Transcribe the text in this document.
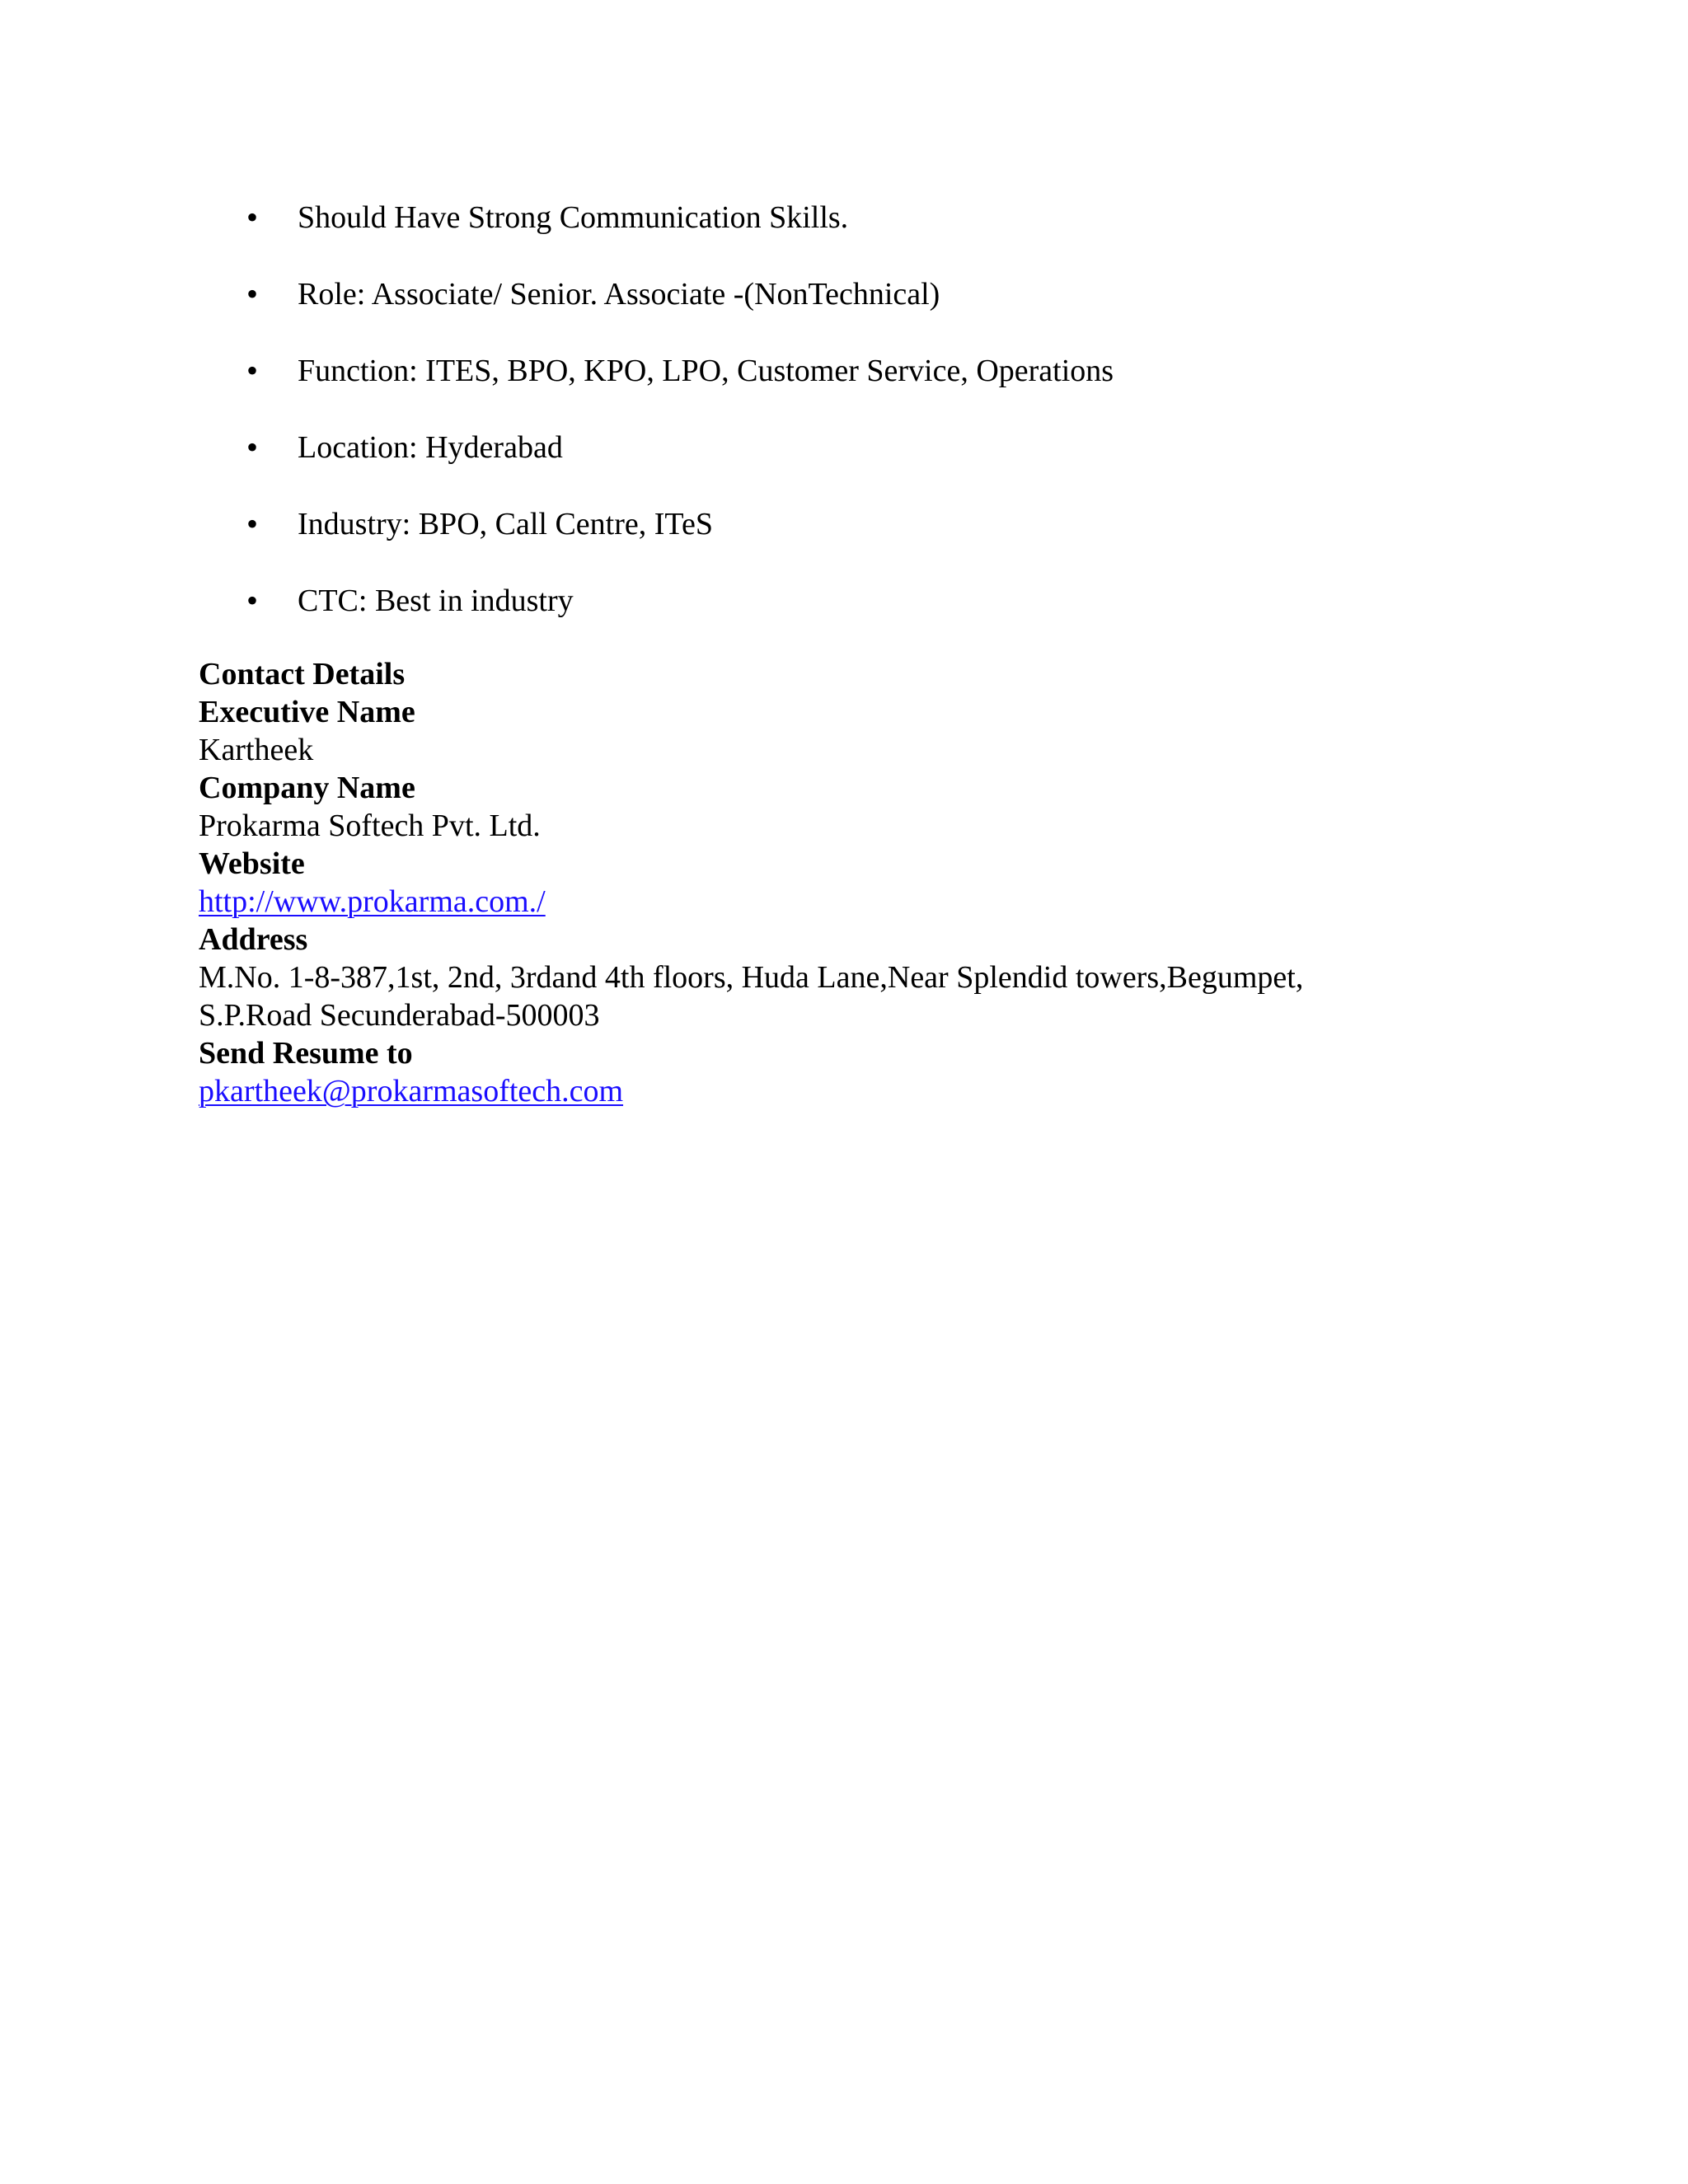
• Should Have Strong Communication Skills.
• Role: Associate/ Senior. Associate -(NonTechnical)
• Function: ITES, BPO, KPO, LPO, Customer Service, Operations
• Location: Hyderabad
• Industry: BPO, Call Centre, ITeS
• CTC: Best in industry
Contact Details
Executive Name
Kartheek
Company Name
Prokarma Softech Pvt. Ltd.
Website
http://www.prokarma.com./
Address
M.No. 1-8-387,1st, 2nd, 3rdand 4th floors, Huda Lane,Near Splendid towers,Begumpet,
S.P.Road Secunderabad-500003
Send Resume to
pkartheek@prokarmasoftech.com
